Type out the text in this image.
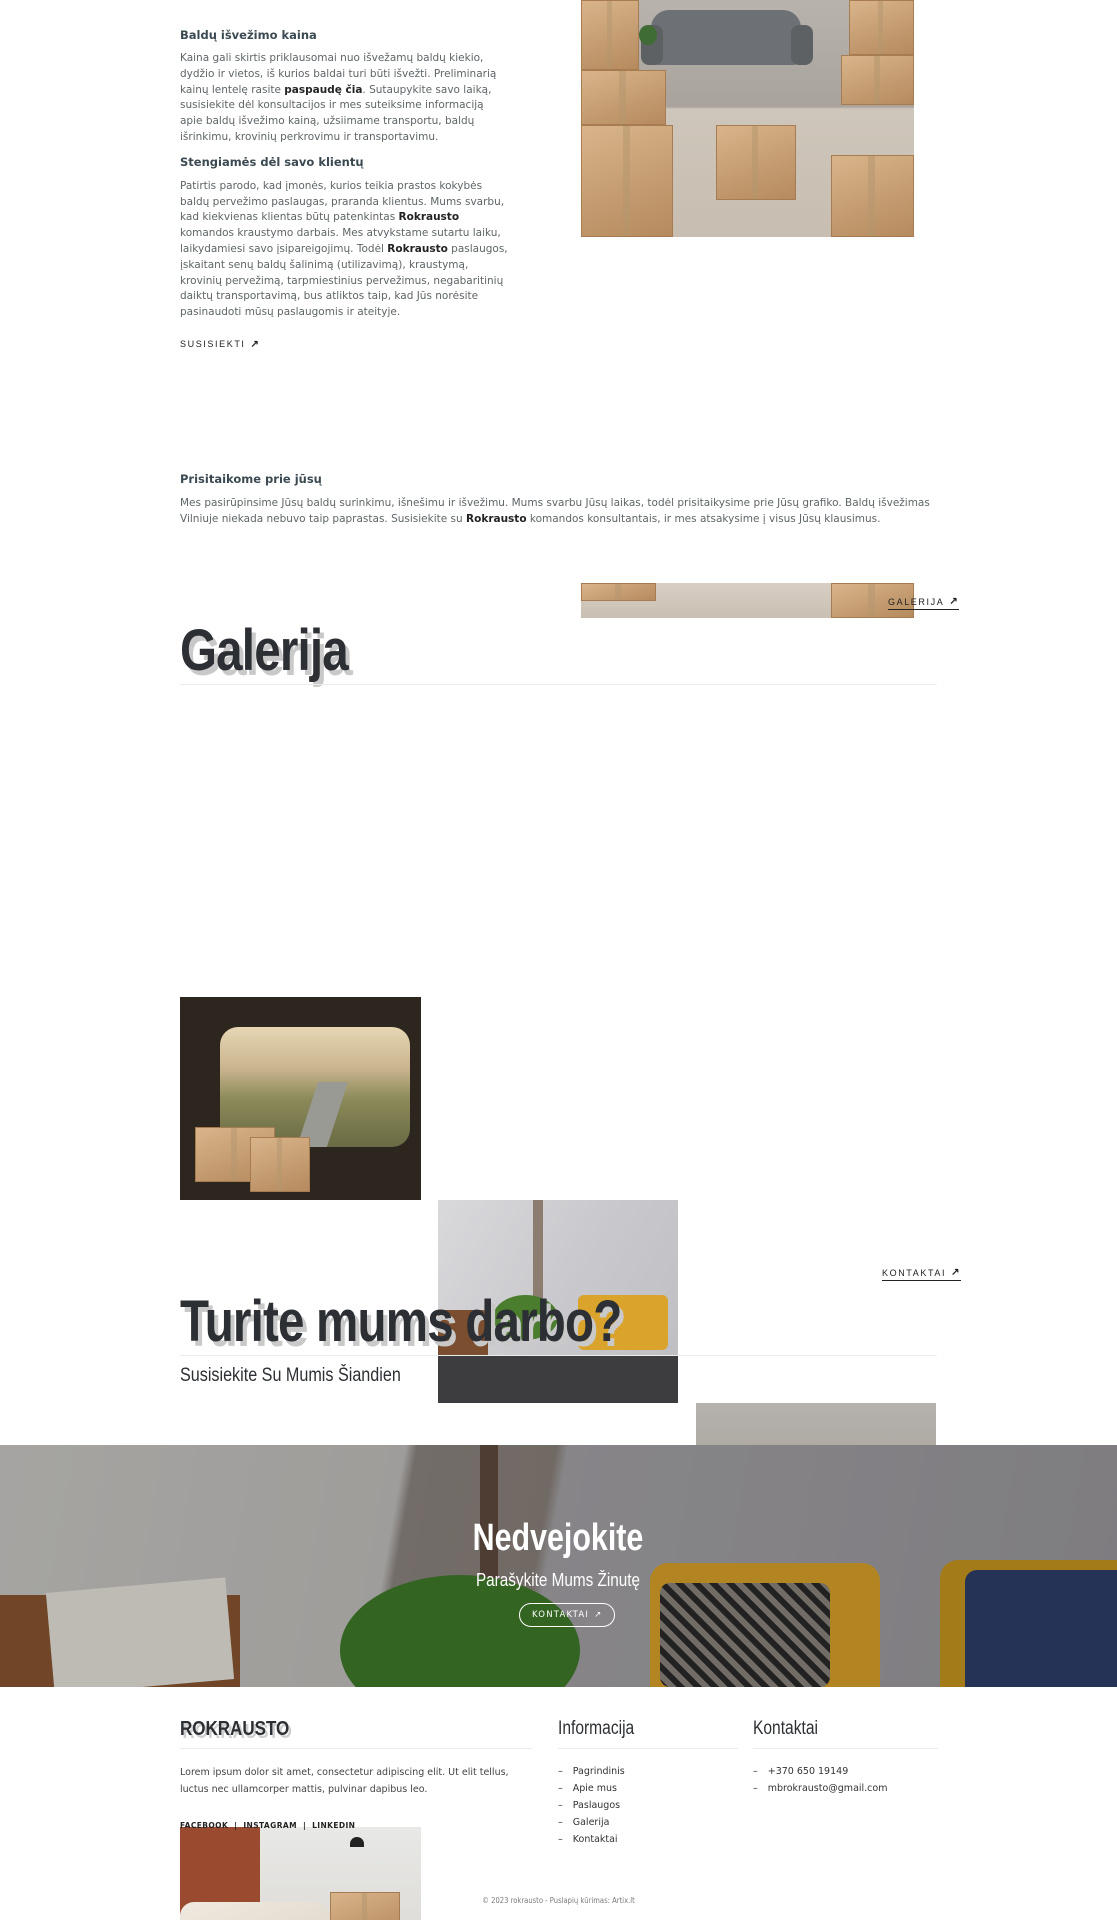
Baldų išvežimo kaina

Kaina gali skirtis priklausomai nuo išvežamų baldų kiekio, dydžio ir vietos, iš kurios baldai turi būti išvežti. Preliminarią kainų lentelę rasite paspaudę čia. Sutaupykite savo laiką, susisiekite dėl konsultacijos ir mes suteiksime informaciją apie baldų išvežimo kainą, užsiimame transportu, baldų išrinkimu, krovinių perkrovimu ir transportavimu.

Stengiamės dėl savo klientų

Patirtis parodo, kad įmonės, kurios teikia prastos kokybės baldų pervežimo paslaugas, praranda klientus. Mums svarbu, kad kiekvienas klientas būtų patenkintas Rokrausto komandos kraustymo darbais. Mes atvykstame sutartu laiku, laikydamiesi savo įsipareigojimų. Todėl Rokrausto paslaugos, įskaitant senų baldų šalinimą (utilizavimą), kraustymą, krovinių pervežimą, tarpmiestinius pervežimus, negabaritinių daiktų transportavimą, bus atliktos taip, kad Jūs norėsite pasinaudoti mūsų paslaugomis ir ateityje.

SUSISIEKTI ↗
Prisitaikome prie jūsų

Mes pasirūpinsime Jūsų baldų surinkimu, išnešimu ir išvežimu. Mums svarbu Jūsų laikas, todėl prisitaikysime prie Jūsų grafiko. Baldų išvežimas Vilniuje niekada nebuvo taip paprastas. Susisiekite su Rokrausto komandos konsultantais, ir mes atsakysime į visus Jūsų klausimus.

GALERIJA ↗
Galerija
KONTAKTAI ↗
Turite mums darbo?
Susisiekite Su Mumis Šiandien
Nedvejokite
Parašykite Mums Žinutę
KONTAKTAI ↗
ROKRAUSTO

Lorem ipsum dolor sit amet, consectetur adipiscing elit. Ut elit tellus, luctus nec ullamcorper mattis, pulvinar dapibus leo.

FACEBOOK | INSTAGRAM | LINKEDIN
Informacija
– Pagrindinis
– Apie mus
– Paslaugos
– Galerija
– Kontaktai
Kontaktai
– +370 650 19149
– mbrokrausto@gmail.com
© 2023 rokrausto - Puslapių kūrimas: Artix.lt
